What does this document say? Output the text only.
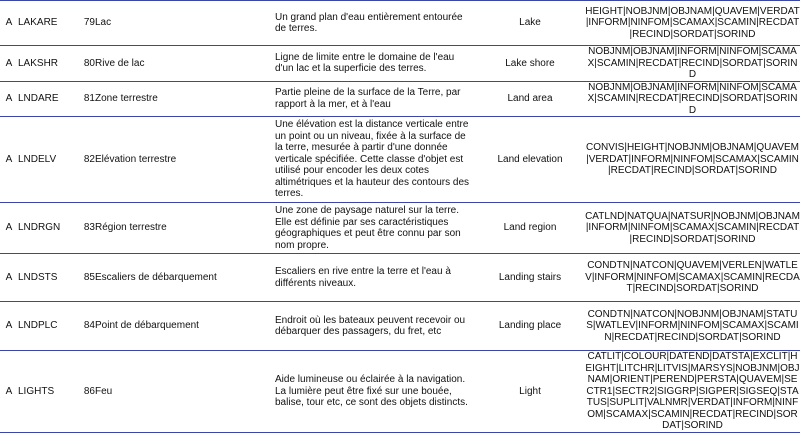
A	LAKARE	79	Lac	Un grand plan d'eau entièrement entourée de terres.	Lake	HEIGHT|NOBJNM|OBJNAM|QUAVEM|VERDAT|INFORM|NINFOM|SCAMAX|SCAMIN|RECDAT|RECIND|SORDAT|SORIND
A	LAKSHR	80	Rive de lac	Ligne de limite entre le domaine de l'eau d'un lac et la superficie des terres.	Lake shore	NOBJNM|OBJNAM|INFORM|NINFOM|SCAMAX|SCAMIN|RECDAT|RECIND|SORDAT|SORIND
A	LNDARE	81	Zone terrestre	Partie pleine de la surface de la Terre, par rapport à la mer, et à l'eau	Land area	NOBJNM|OBJNAM|INFORM|NINFOM|SCAMAX|SCAMIN|RECDAT|RECIND|SORDAT|SORIND
A	LNDELV	82	Elévation terrestre	Une élévation est la distance verticale entre un point ou un niveau, fixée à la surface de la terre, mesurée à partir d'une donnée verticale spécifiée. Cette classe d'objet est utilisé pour encoder les deux cotes altimétriques et la hauteur des contours des terres.	Land elevation	CONVIS|HEIGHT|NOBJNM|OBJNAM|QUAVEM|VERDAT|INFORM|NINFOM|SCAMAX|SCAMIN|RECDAT|RECIND|SORDAT|SORIND
A	LNDRGN	83	Région terrestre	Une zone de paysage naturel sur la terre. Elle est définie par ses caractéristiques géographiques et peut être connu par son nom propre.	Land region	CATLND|NATQUA|NATSUR|NOBJNM|OBJNAM|INFORM|NINFOM|SCAMAX|SCAMIN|RECDAT|RECIND|SORDAT|SORIND
A	LNDSTS	85	Escaliers de débarquement	Escaliers en rive entre la terre et l'eau à différents niveaux.	Landing stairs	CONDTN|NATCON|QUAVEM|VERLEN|WATLEV|INFORM|NINFOM|SCAMAX|SCAMIN|RECDAT|RECIND|SORDAT|SORIND
A	LNDPLC	84	Point de débarquement	Endroit où les bateaux peuvent recevoir ou débarquer des passagers, du fret, etc	Landing place	CONDTN|NATCON|NOBJNM|OBJNAM|STATUS|WATLEV|INFORM|NINFOM|SCAMAX|SCAMIN|RECDAT|RECIND|SORDAT|SORIND
A	LIGHTS	86	Feu	Aide lumineuse ou éclairée à la navigation. La lumière peut être fixé sur une bouée, balise, tour etc, ce sont des objets distincts.	Light	CATLIT|COLOUR|DATEND|DATSTA|EXCLIT|HEIGHT|LITCHR|LITVIS|MARSYS|NOBJNM|OBJNAM|ORIENT|PEREND|PERSTA|QUAVEM|SECTR1|SECTR2|SIGGRP|SIGPER|SIGSEQ|STATUS|SUPLIT|VALNMR|VERDAT|INFORM|NINFOM|SCAMAX|SCAMIN|RECDAT|RECIND|SORDAT|SORIND
